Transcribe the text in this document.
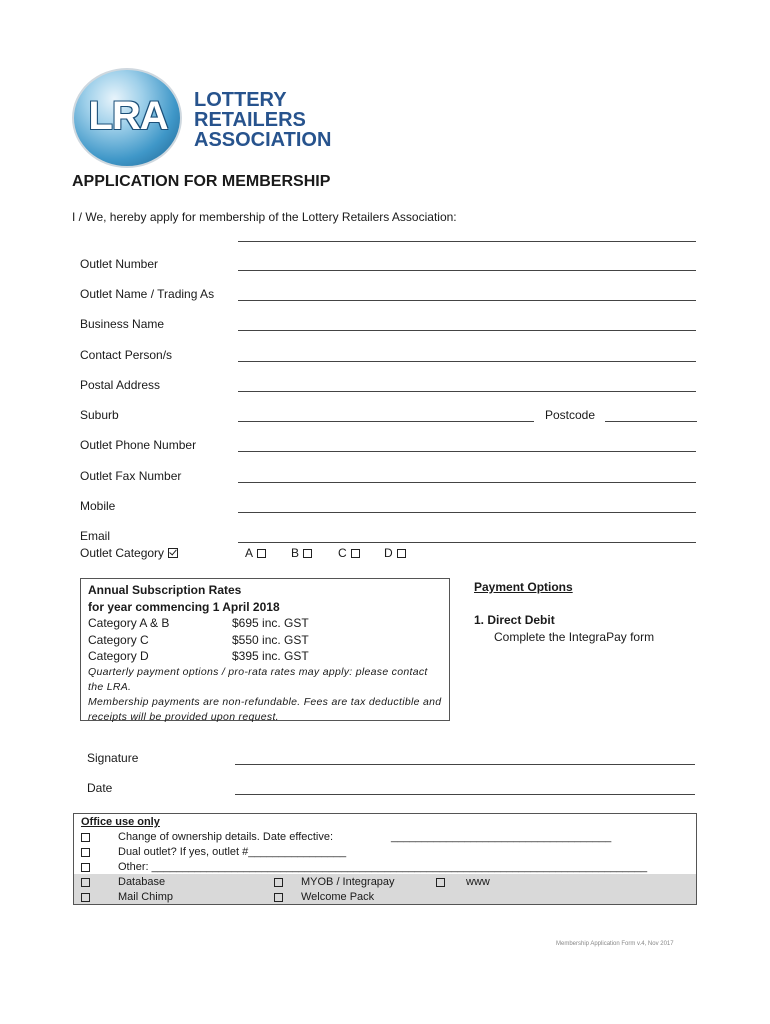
LRA	LOTTERY
RETAILERS
ASSOCIATION
APPLICATION FOR MEMBERSHIP
I / We, hereby apply for membership of the Lottery Retailers Association:
Outlet Number
Outlet Name / Trading As
Business Name
Contact Person/s
Postal Address
Suburb	Postcode
Outlet Phone Number
Outlet Fax Number
Mobile
Email
Outlet Category	A	B	C	D
Annual Subscription Rates
for year commencing 1 April 2018
Category A & B	$695 inc. GST
Category C	$550 inc. GST
Category D	$395 inc. GST
Quarterly payment options / pro-rata rates may apply: please contact the LRA.
Membership payments are non-refundable. Fees are tax deductible and receipts will be provided upon request.
Payment Options
1. Direct Debit
Complete the IntegraPay form
Signature
Date
Office use only
Change of ownership details. Date effective:	____________________________________
Dual outlet? If yes, outlet #________________
Other: _________________________________________________________________________________
Database	MYOB / Integrapay	www
Mail Chimp	Welcome Pack
Membership Application Form v.4, Nov 2017
